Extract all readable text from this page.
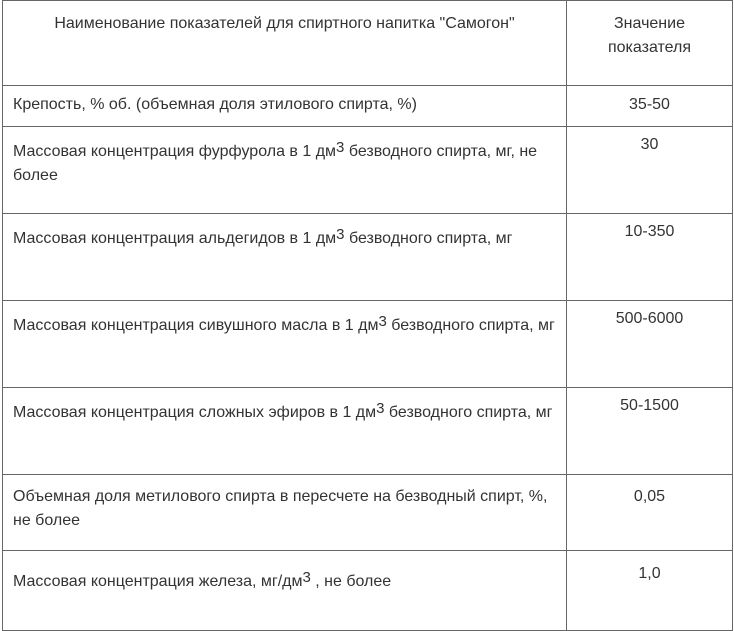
Наименование показателей для спиртного напитка "Самогон"	Значение показателя
Крепость, % об. (объемная доля этилового спирта, %)	35-50
Массовая концентрация фурфурола в 1 $дм^3$ безводного спирта, мг, не более	30
Массовая концентрация альдегидов в 1 $дм^3$ безводного спирта, мг	10-350
Массовая концентрация сивушного масла в 1 $дм^3$ безводного спирта, мг	500-6000
Массовая концентрация сложных эфиров в 1 $дм^3$ безводного спирта, мг	50-1500
Объемная доля метилового спирта в пересчете на безводный спирт, %, не более	0,05
Массовая концентрация железа, $мг/дм^3$ , не более	1,0
